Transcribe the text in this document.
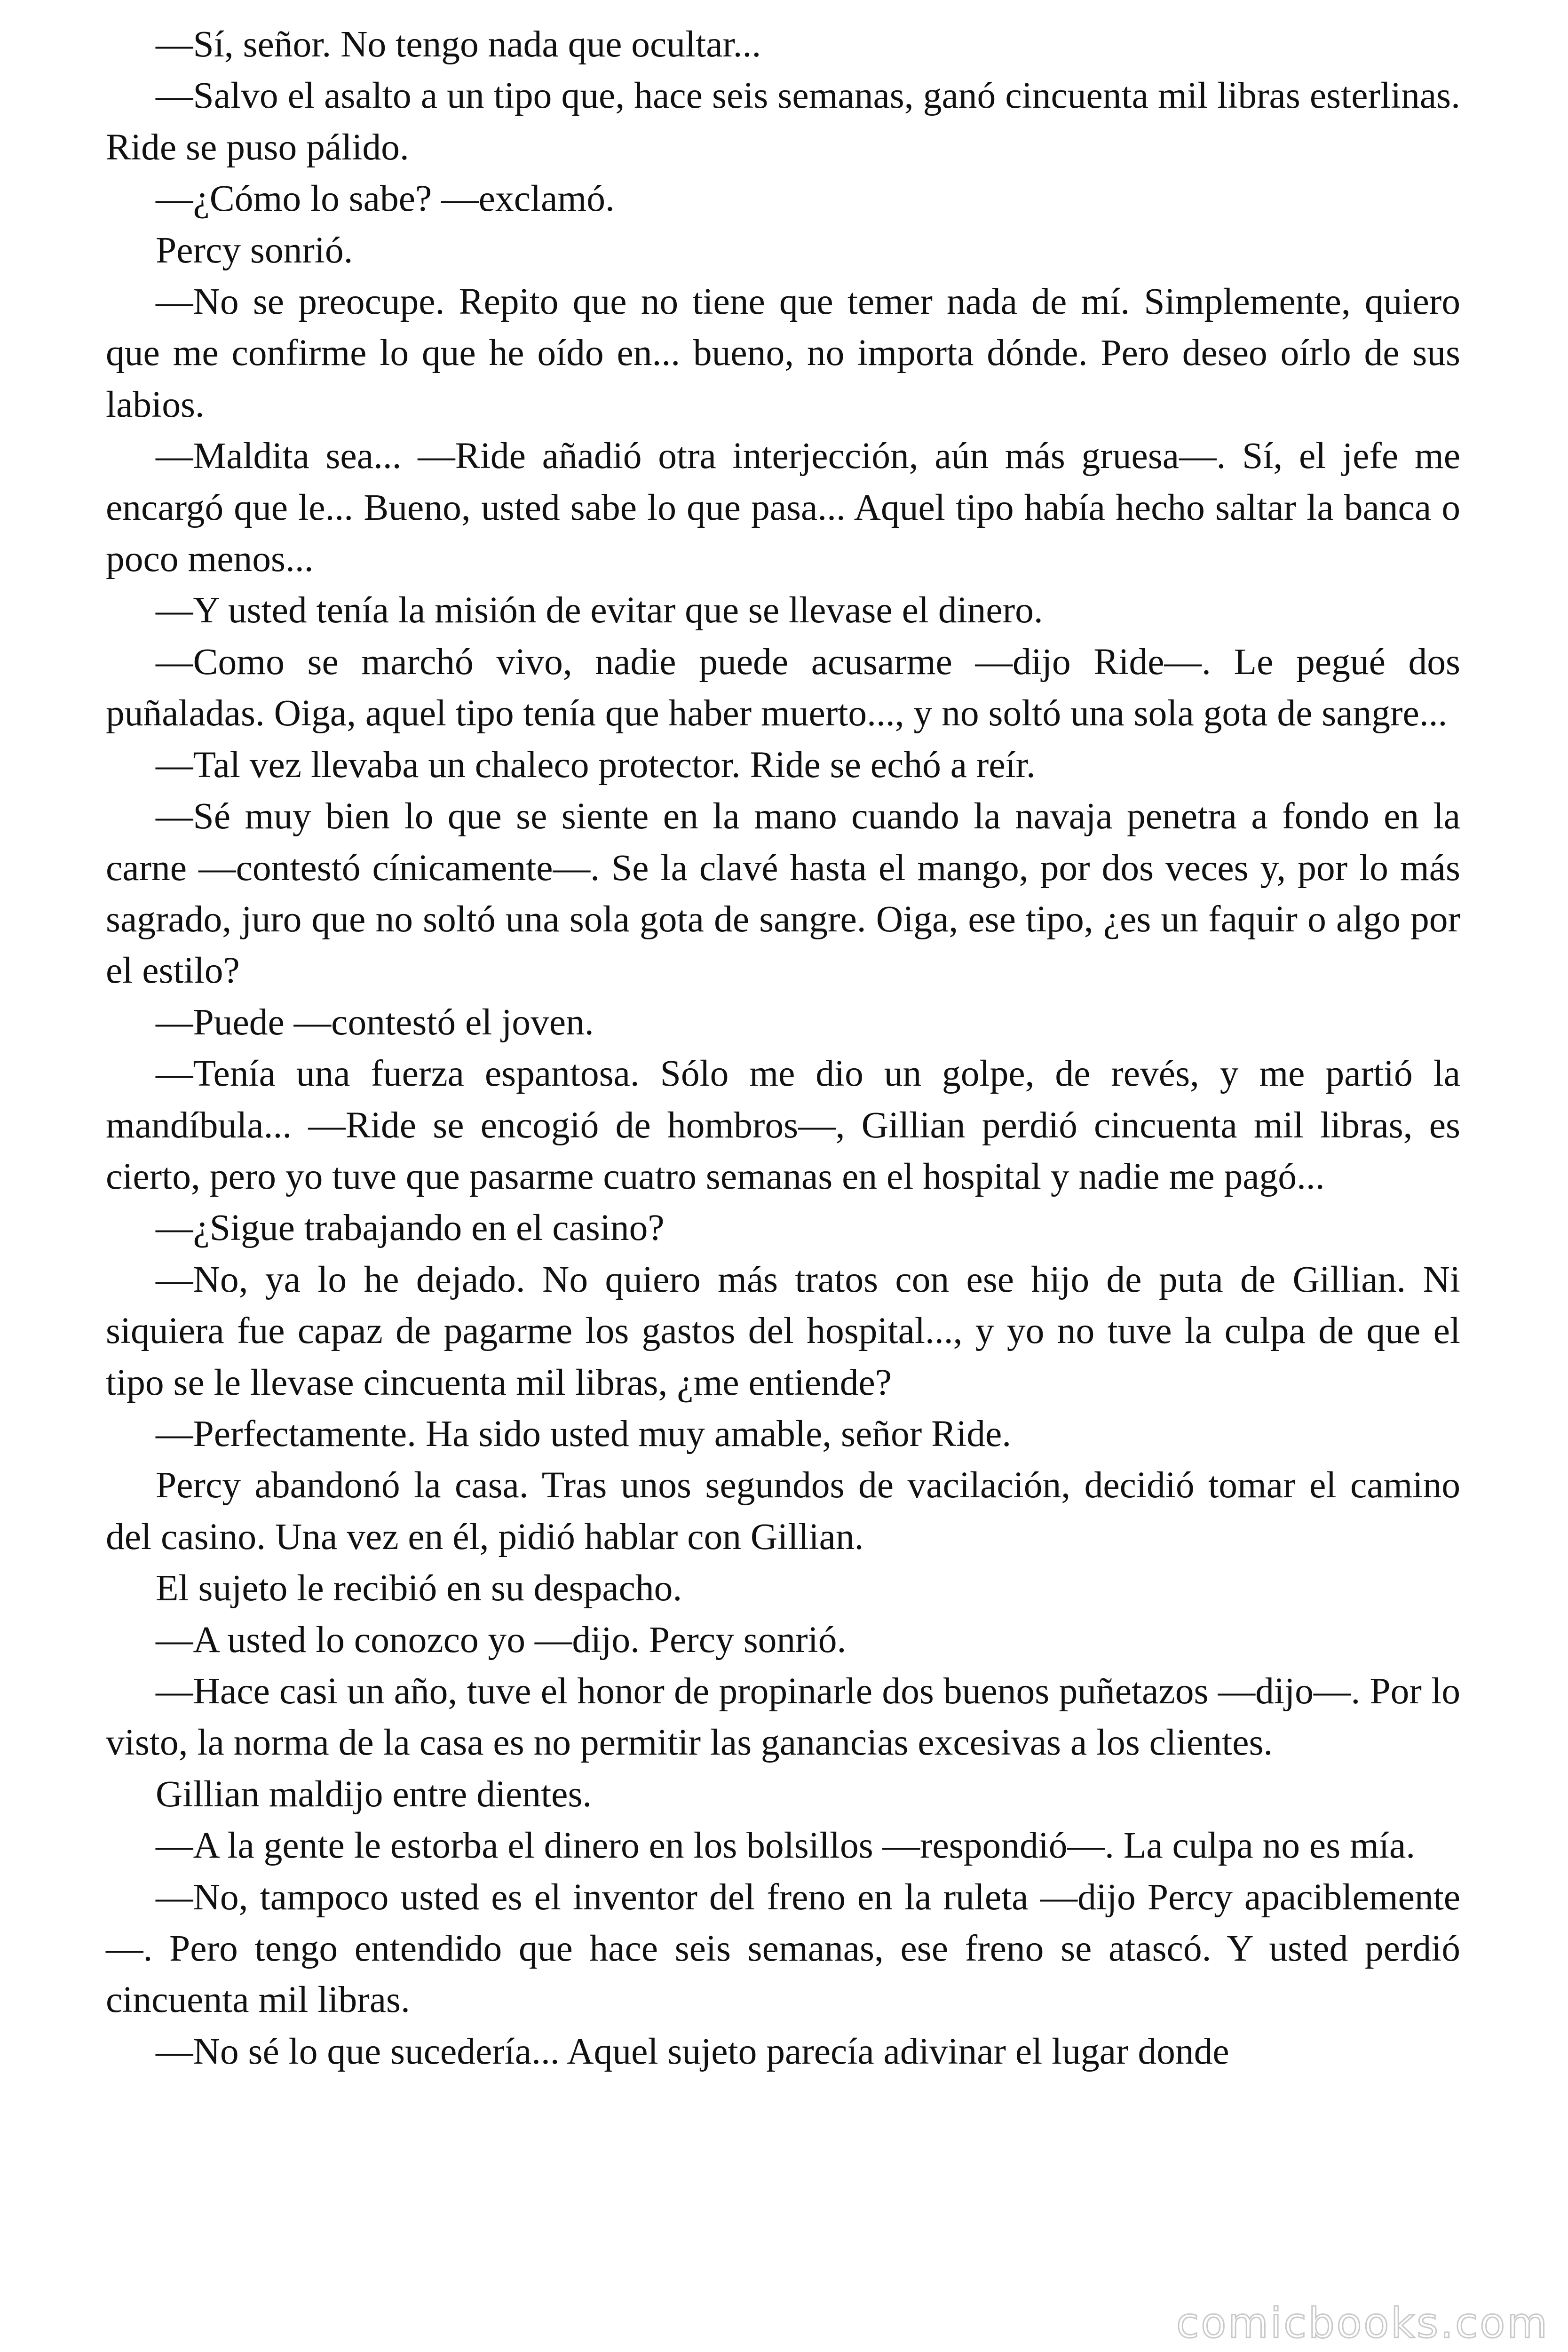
—Sí, señor. No tengo nada que ocultar...

—Salvo el asalto a un tipo que, hace seis semanas, ganó cincuenta mil libras esterlinas. Ride se puso pálido.

—¿Cómo lo sabe? —exclamó.

Percy sonrió.

—No se preocupe. Repito que no tiene que temer nada de mí. Simplemente, quiero que me confirme lo que he oído en... bueno, no importa dónde. Pero deseo oírlo de sus labios.

—Maldita sea... —Ride añadió otra interjección, aún más gruesa—. Sí, el jefe me encargó que le... Bueno, usted sabe lo que pasa... Aquel tipo había hecho saltar la banca o poco menos...

—Y usted tenía la misión de evitar que se llevase el dinero.

—Como se marchó vivo, nadie puede acusarme —dijo Ride—. Le pegué dos puñaladas. Oiga, aquel tipo tenía que haber muerto..., y no soltó una sola gota de sangre...

—Tal vez llevaba un chaleco protector. Ride se echó a reír.

—Sé muy bien lo que se siente en la mano cuando la navaja penetra a fondo en la carne —contestó cínicamente—. Se la clavé hasta el mango, por dos veces y, por lo más sagrado, juro que no soltó una sola gota de sangre. Oiga, ese tipo, ¿es un faquir o algo por el estilo?

—Puede —contestó el joven.

—Tenía una fuerza espantosa. Sólo me dio un golpe, de revés, y me partió la mandíbula... —Ride se encogió de hombros—, Gillian perdió cincuenta mil libras, es cierto, pero yo tuve que pasarme cuatro semanas en el hospital y nadie me pagó...

—¿Sigue trabajando en el casino?

—No, ya lo he dejado. No quiero más tratos con ese hijo de puta de Gillian. Ni siquiera fue capaz de pagarme los gastos del hospital..., y yo no tuve la culpa de que el tipo se le llevase cincuenta mil libras, ¿me entiende?

—Perfectamente. Ha sido usted muy amable, señor Ride.

Percy abandonó la casa. Tras unos segundos de vacilación, decidió tomar el camino del casino. Una vez en él, pidió hablar con Gillian.

El sujeto le recibió en su despacho.

—A usted lo conozco yo —dijo. Percy sonrió.

—Hace casi un año, tuve el honor de propinarle dos buenos puñetazos —dijo—. Por lo visto, la norma de la casa es no permitir las ganancias excesivas a los clientes.

Gillian maldijo entre dientes.

—A la gente le estorba el dinero en los bolsillos —respondió—. La culpa no es mía.

—No, tampoco usted es el inventor del freno en la ruleta —dijo Percy apaciblemente—. Pero tengo entendido que hace seis semanas, ese freno se atascó. Y usted perdió cincuenta mil libras.

—No sé lo que sucedería... Aquel sujeto parecía adivinar el lugar donde

comicbooks.com
